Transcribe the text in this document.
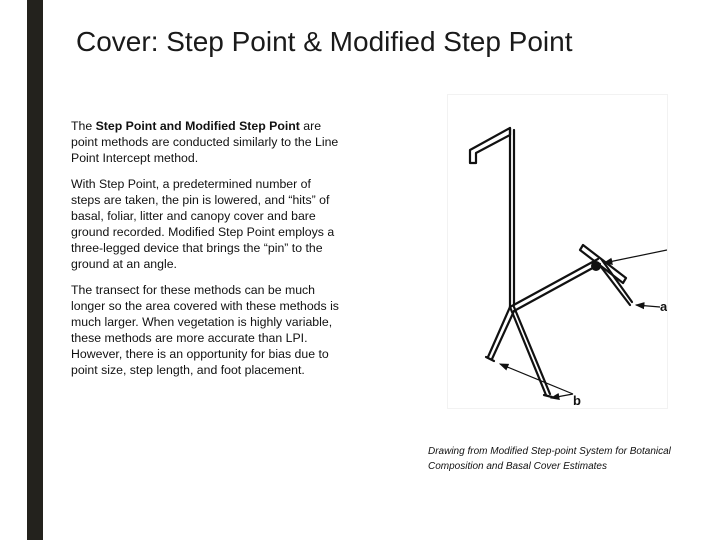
Cover: Step Point & Modified Step Point

The Step Point and Modified Step Point are point methods are conducted similarly to the Line Point Intercept method.

With Step Point, a predetermined number of steps are taken, the pin is lowered, and “hits” of basal, foliar, litter and canopy cover and bare ground recorded. Modified Step Point employs a three-legged device that brings the “pin” to the ground at an angle.

The transect for these methods can be much longer so the area covered with these methods is much larger. When vegetation is highly variable, these methods are more accurate than LPI. However, there is an opportunity for bias due to point size, step length, and foot placement.

a
b
Drawing from Modified Step-point System for Botanical Composition and Basal Cover Estimates
